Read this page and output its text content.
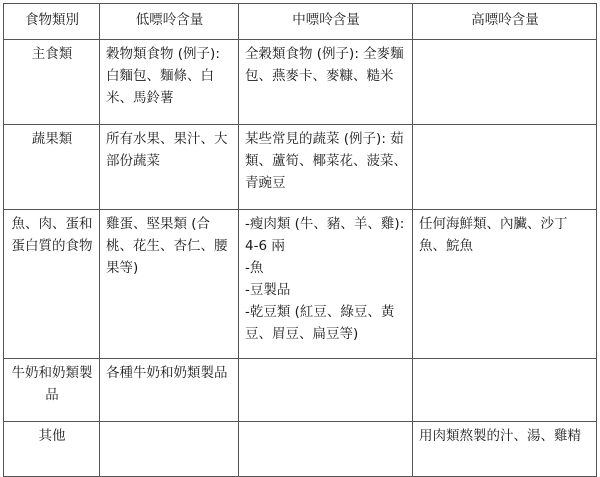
食物類別	低嘌呤含量	中嘌呤含量	高嘌呤含量
主食類	穀物類食物 (例子): 白麵包、麵條、白米、馬鈴薯	全穀類食物 (例子): 全麥麵包、燕麥卡、麥糠、糙米	
蔬果類	所有水果、果汁、大部份蔬菜	某些常見的蔬菜 (例子): 茹類、蘆筍、椰菜花、菠菜、青豌豆	
魚、肉、蛋和蛋白質的食物	雞蛋、堅果類 (合桃、花生、杏仁、腰果等)	-瘦肉類 (牛、豬、羊、雞): 4-6 兩
-魚
-豆製品
-乾豆類 (紅豆、綠豆、黃豆、眉豆、扁豆等)	任何海鮮類、內臟、沙丁魚、鯇魚
牛奶和奶類製品	各種牛奶和奶類製品		
其他			用肉類熬製的汁、湯、雞精
